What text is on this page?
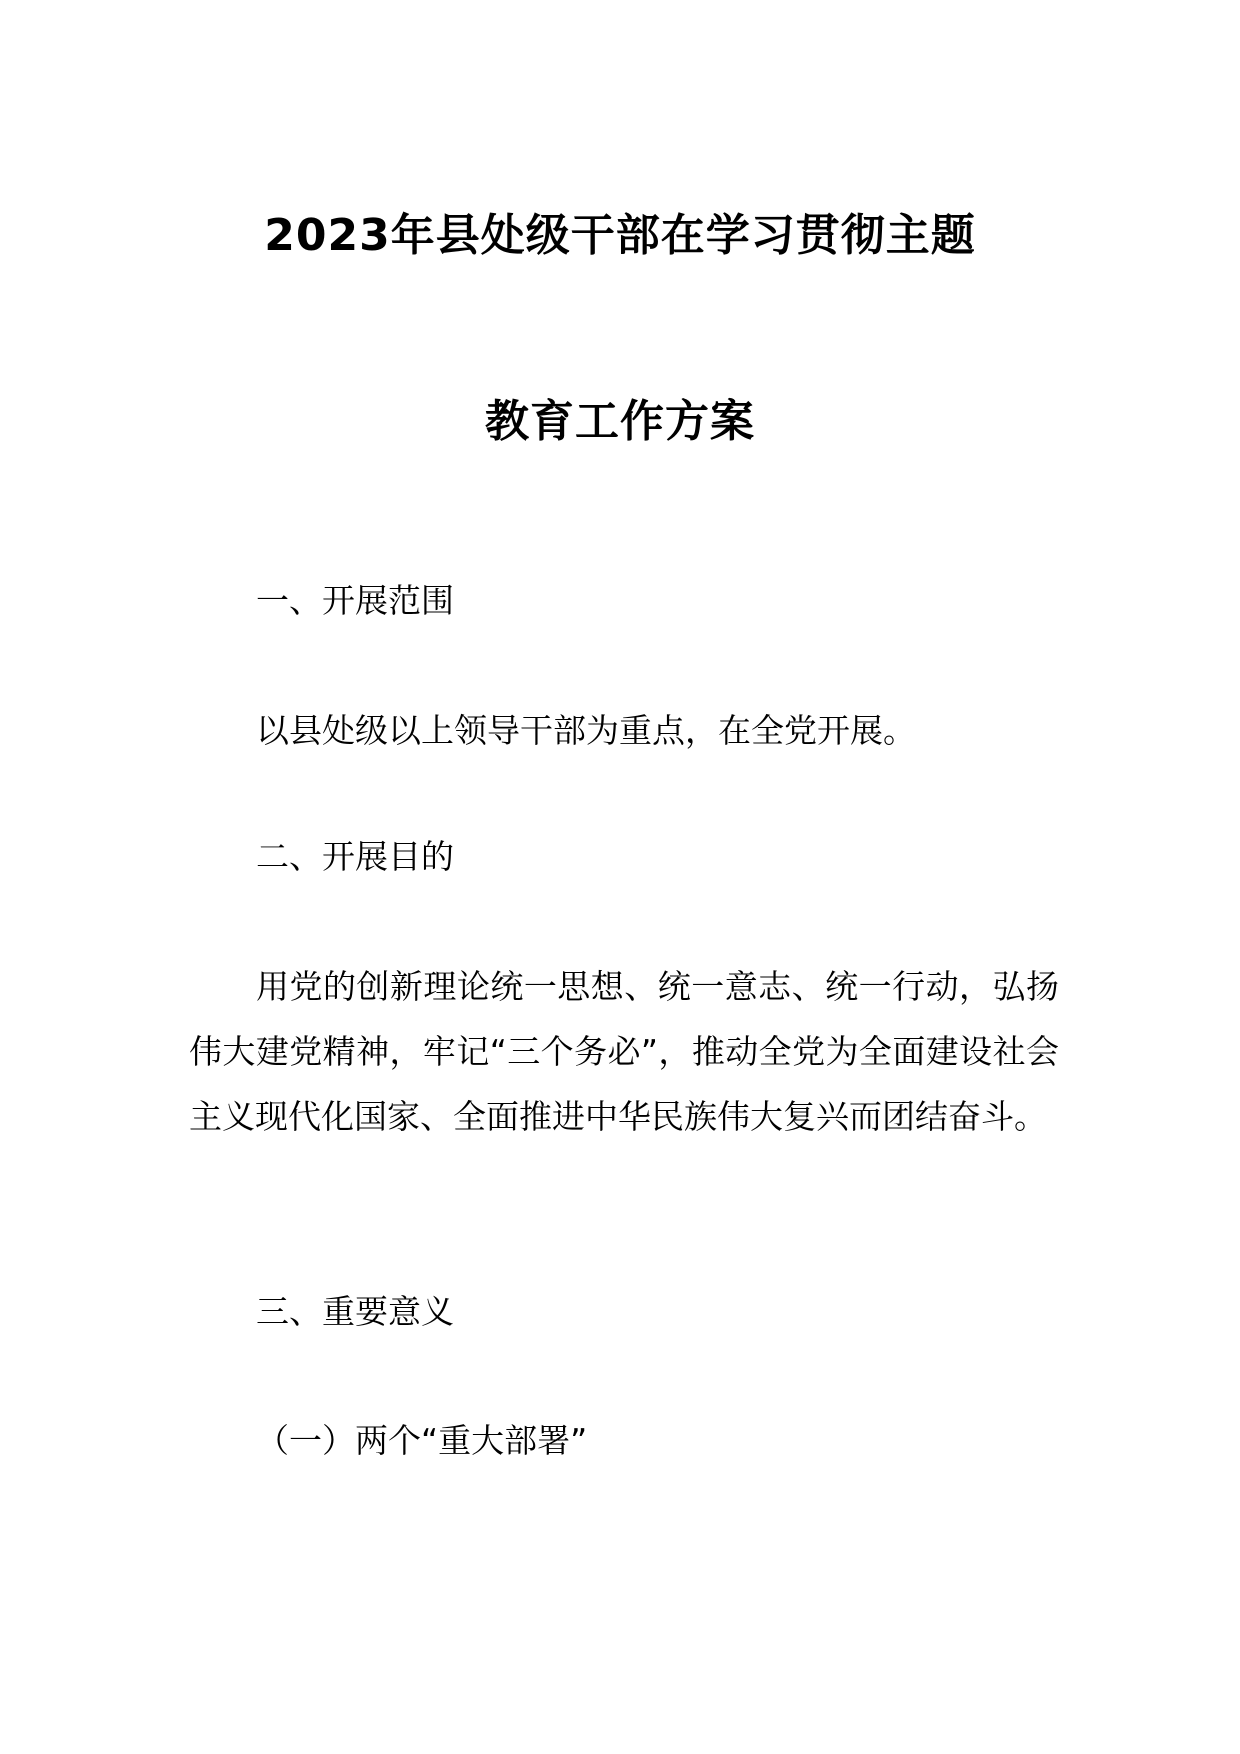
2023年县处级干部在学习贯彻主题
教育工作方案
一、开展范围
以县处级以上领导干部为重点，在全党开展。
二、开展目的
用党的创新理论统一思想、统一意志、统一行动，弘扬伟大建党精神，牢记“三个务必”，推动全党为全面建设社会主义现代化国家、全面推进中华民族伟大复兴而团结奋斗。
三、重要意义
（一）两个“重大部署”
